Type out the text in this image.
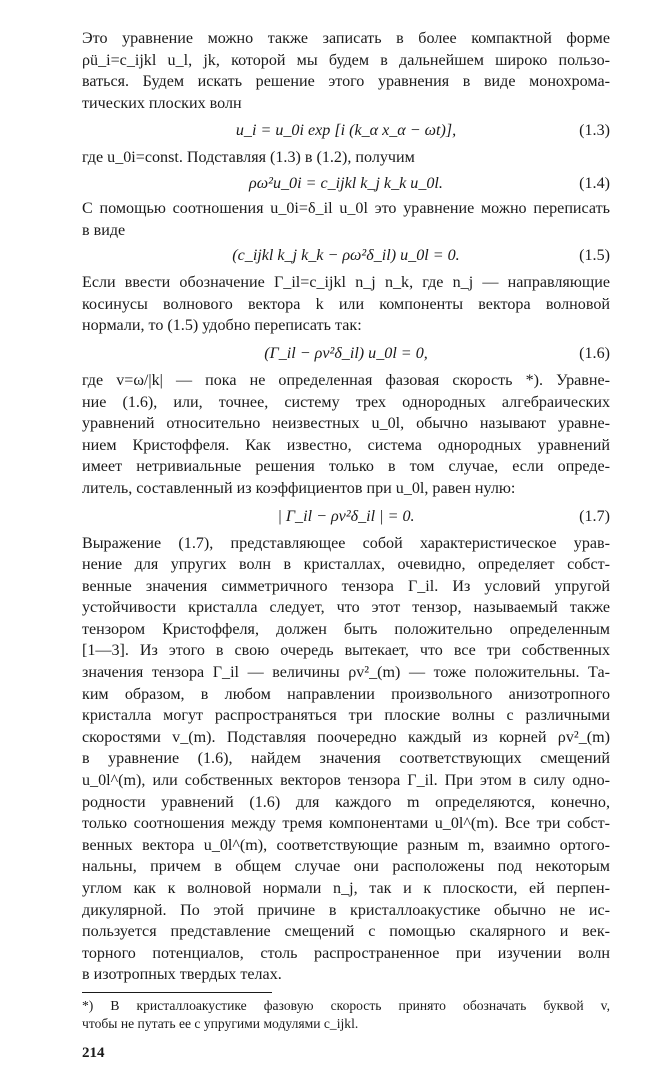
Это уравнение можно также записать в более компактной форме
ρü_i=c_ijkl u_l, jk, которой мы будем в дальнейшем широко пользо-
ваться. Будем искать решение этого уравнения в виде монохрома-
тических плоских волн
u_i = u_0i exp [i (k_α x_α − ωt)],	(1.3)
где u_0i=const. Подставляя (1.3) в (1.2), получим
ρω²u_0i = c_ijkl k_j k_k u_0l.	(1.4)
С помощью соотношения u_0i=δ_il u_0l это уравнение можно переписать
в виде
(c_ijkl k_j k_k − ρω²δ_il) u_0l = 0.	(1.5)
Если ввести обозначение Γ_il=c_ijkl n_j n_k, где n_j — направляющие
косинусы волнового вектора k или компоненты вектора волновой
нормали, то (1.5) удобно переписать так:
(Γ_il − ρv²δ_il) u_0l = 0,	(1.6)
где v=ω/|k| — пока не определенная фазовая скорость *). Уравне-
ние (1.6), или, точнее, систему трех однородных алгебраических
уравнений относительно неизвестных u_0l, обычно называют уравне-
нием Кристоффеля. Как известно, система однородных уравнений
имеет нетривиальные решения только в том случае, если опреде-
литель, составленный из коэффициентов при u_0l, равен нулю:
| Γ_il − ρv²δ_il | = 0.	(1.7)
Выражение (1.7), представляющее собой характеристическое урав-
нение для упругих волн в кристаллах, очевидно, определяет собст-
венные значения симметричного тензора Γ_il. Из условий упругой
устойчивости кристалла следует, что этот тензор, называемый также
тензором Кристоффеля, должен быть положительно определенным
[1—3]. Из этого в свою очередь вытекает, что все три собственных
значения тензора Γ_il — величины ρv²_(m) — тоже положительны. Та-
ким образом, в любом направлении произвольного анизотропного
кристалла могут распространяться три плоские волны с различными
скоростями v_(m). Подставляя поочередно каждый из корней ρv²_(m)
в уравнение (1.6), найдем значения соответствующих смещений
u_0l^(m), или собственных векторов тензора Γ_il. При этом в силу одно-
родности уравнений (1.6) для каждого m определяются, конечно,
только соотношения между тремя компонентами u_0l^(m). Все три собст-
венных вектора u_0l^(m), соответствующие разным m, взаимно ортого-
нальны, причем в общем случае они расположены под некоторым
углом как к волновой нормали n_j, так и к плоскости, ей перпен-
дикулярной. По этой причине в кристаллоакустике обычно не ис-
пользуется представление смещений с помощью скалярного и век-
торного потенциалов, столь распространенное при изучении волн
в изотропных твердых телах.
*) В кристаллоакустике фазовую скорость принято обозначать буквой v,
чтобы не путать ее с упругими модулями c_ijkl.
214
